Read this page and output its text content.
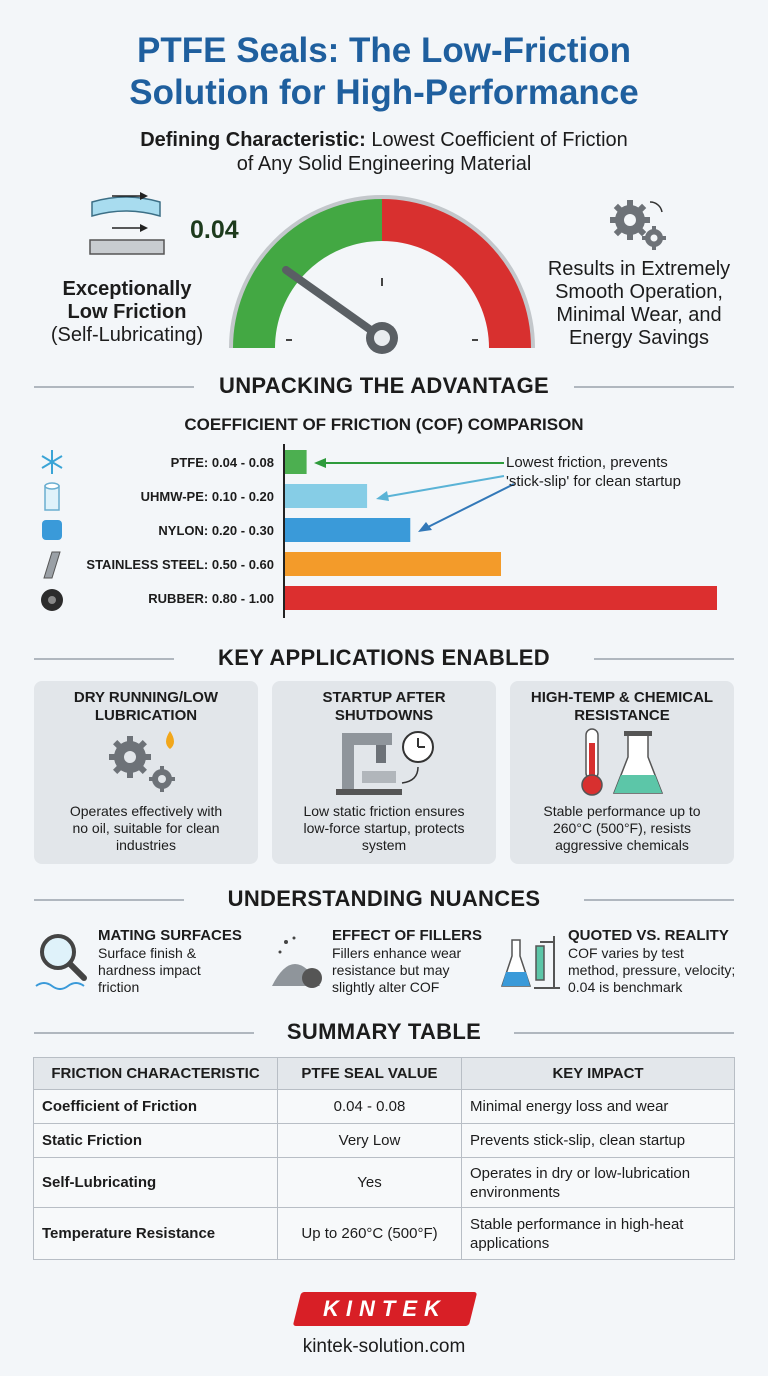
PTFE Seals: The Low-Friction
Solution for High-Performance
Defining Characteristic: Lowest Coefficient of Friction
of Any Solid Engineering Material
Exceptionally
Low Friction
(Self-Lubricating)
0.04
Results in Extremely
Smooth Operation,
Minimal Wear, and
Energy Savings
UNPACKING THE ADVANTAGE
COEFFICIENT OF FRICTION (COF) COMPARISON
PTFE: 0.04 - 0.08
UHMW-PE: 0.10 - 0.20
NYLON: 0.20 - 0.30
STAINLESS STEEL: 0.50 - 0.60
RUBBER: 0.80 - 1.00
Lowest friction, prevents
'stick-slip' for clean startup
KEY APPLICATIONS ENABLED
DRY RUNNING/LOW
LUBRICATION
Operates effectively with
no oil, suitable for clean
industries
STARTUP AFTER
SHUTDOWNS
Low static friction ensures
low-force startup, protects
system
HIGH-TEMP & CHEMICAL
RESISTANCE
Stable performance up to
260°C (500°F), resists
aggressive chemicals
UNDERSTANDING NUANCES
MATING SURFACES
Surface finish &
hardness impact
friction
EFFECT OF FILLERS
Fillers enhance wear
resistance but may
slightly alter COF
QUOTED VS. REALITY
COF varies by test
method, pressure, velocity;
0.04 is benchmark
SUMMARY TABLE
FRICTION CHARACTERISTIC	PTFE SEAL VALUE	KEY IMPACT
Coefficient of Friction	0.04 - 0.08	Minimal energy loss and wear
Static Friction	Very Low	Prevents stick-slip, clean startup
Self-Lubricating	Yes	Operates in dry or low-lubrication environments
Temperature Resistance	Up to 260°C (500°F)	Stable performance in high-heat applications
KINTEK
kintek-solution.com
